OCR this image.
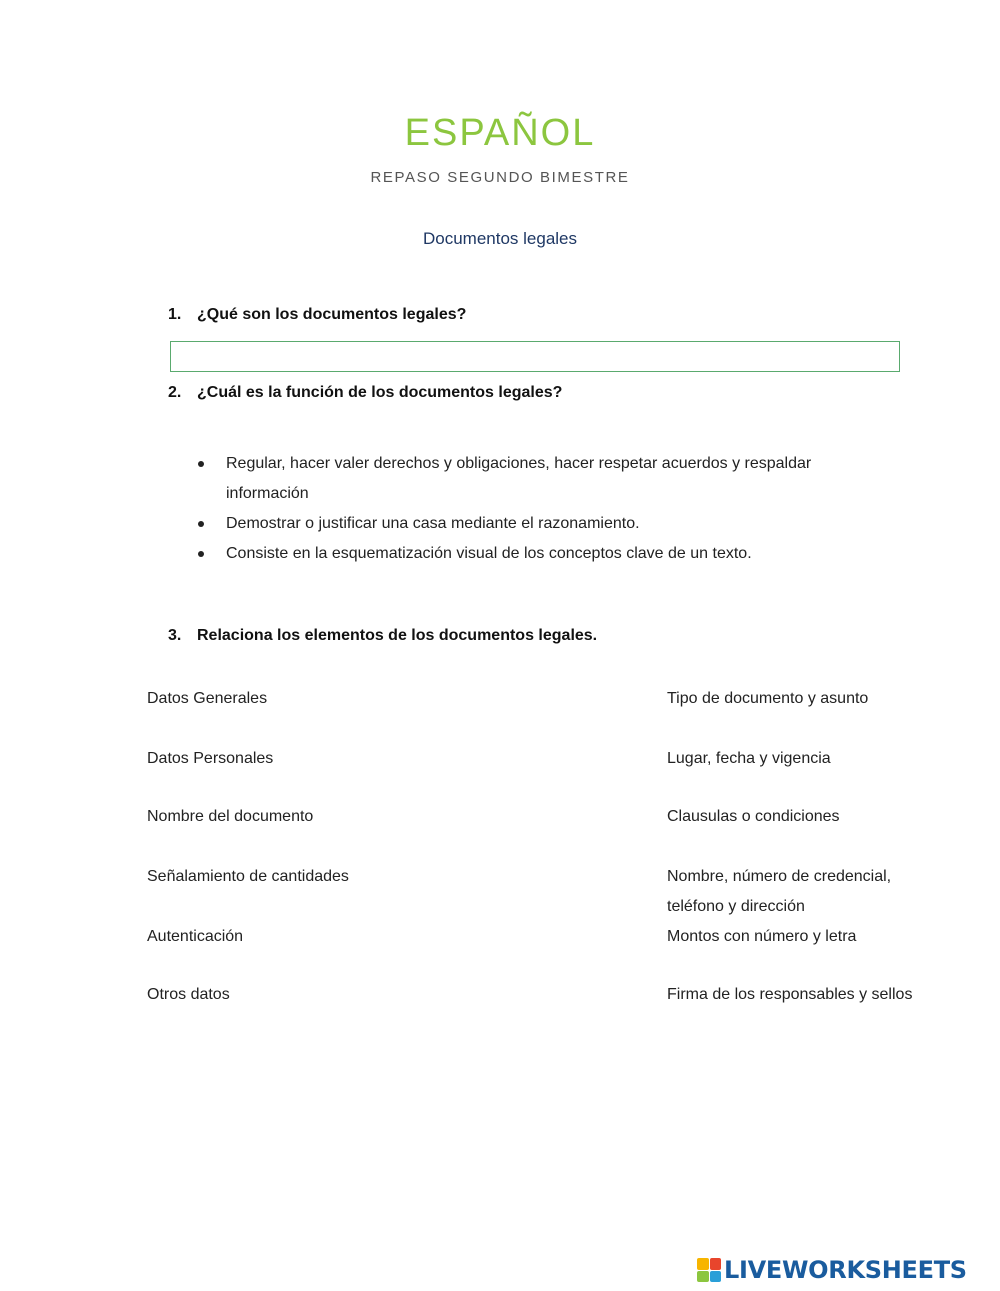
ESPAÑOL
REPASO SEGUNDO BIMESTRE
Documentos legales
1. ¿Qué son los documentos legales?
2. ¿Cuál es la función de los documentos legales?
Regular, hacer valer derechos y obligaciones, hacer respetar acuerdos y respaldar información
Demostrar o justificar una casa mediante el razonamiento.
Consiste en la esquematización visual de los conceptos clave de un texto.
3. Relaciona los elementos de los documentos legales.
Datos Generales
Datos Personales
Nombre del documento
Señalamiento de cantidades
Autenticación
Otros datos
Tipo de documento y asunto
Lugar, fecha y vigencia
Clausulas o condiciones
Nombre, número de credencial, teléfono y dirección
Montos con número y letra
Firma de los responsables y sellos
LIVEWORKSHEETS
